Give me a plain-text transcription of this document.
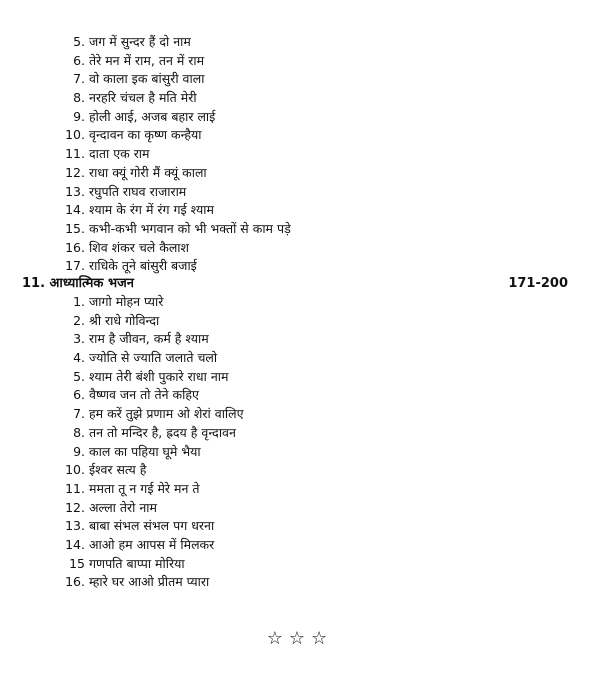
5. जग में सुन्दर हैं दो नाम
6. तेरे मन में राम, तन में राम
7. वो काला इक बांसुरी वाला
8. नरहरि चंचल है मति मेरी
9. होली आई, अजब बहार लाई
10. वृन्दावन का कृष्ण कन्हैया
11. दाता एक राम
12. राधा क्यूं गोरी मैं क्यूं काला
13. रघुपति राघव राजाराम
14. श्याम के रंग में रंग गई श्याम
15. कभी-कभी भगवान को भी भक्तों से काम पड़े
16. शिव शंकर चले कैलाश
17. राधिके तूने बांसुरी बजाई
11. आध्यात्मिक भजन	171-200
1. जागो मोहन प्यारे
2. श्री राधे गोविन्दा
3. राम है जीवन, कर्म है श्याम
4. ज्योति से ज्याति जलाते चलो
5. श्याम तेरी बंशी पुकारे राधा नाम
6. वैष्णव जन तो तेने कहिए
7. हम करें तुझे प्रणाम ओ शेरां वालिए
8. तन तो मन्दिर है, ह्रदय है वृन्दावन
9. काल का पहिया घूमे भैया
10. ईश्वर सत्य है
11. ममता तू न गई मेरे मन ते
12. अल्ला तेरो नाम
13. बाबा संभल संभल पग धरना
14. आओ हम आपस में मिलकर
15 गणपति बाप्पा मोरिया
16. म्हारे घर आओ प्रीतम प्यारा
☆☆☆
